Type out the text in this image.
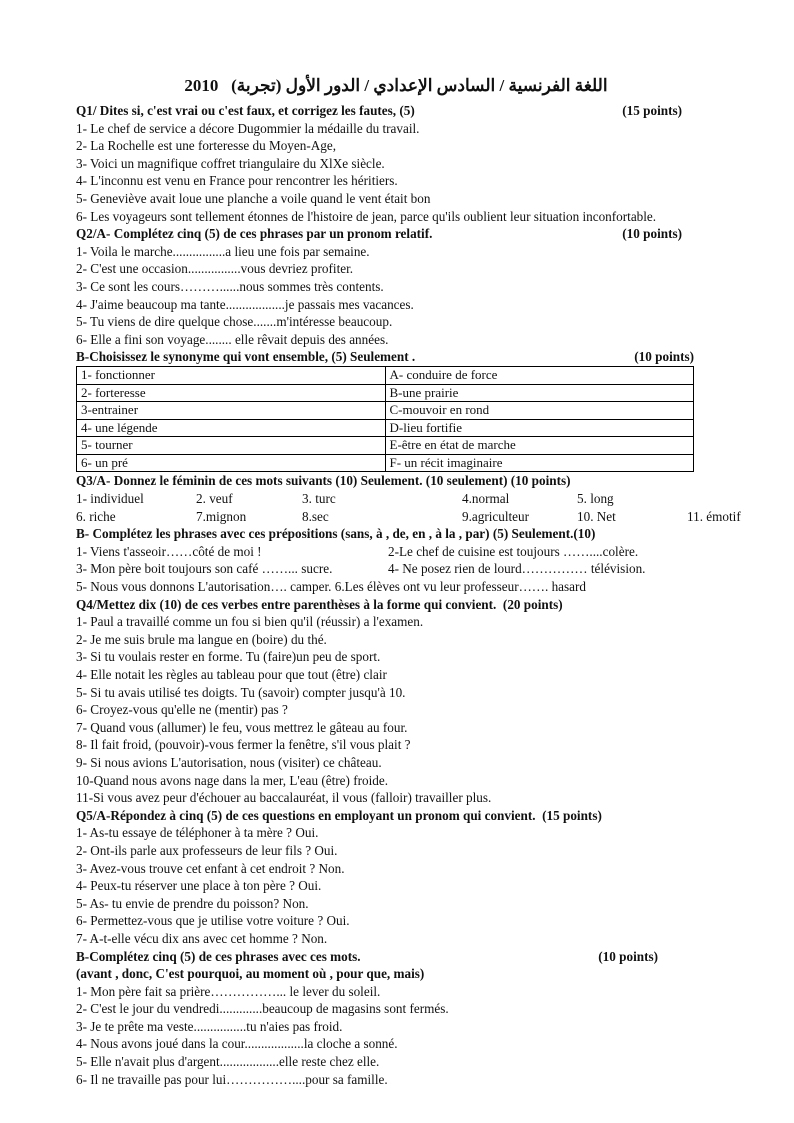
2010 اللغة الفرنسية / السادس الإعدادي / الدور الأول (تجربة)
Q1/ Dites si, c'est vrai ou c'est faux, et corrigez les fautes, (5)	(15 points)
1- Le chef de service a décore Dugommier la médaille du travail.
2- La Rochelle est une forteresse du Moyen-Age,
3- Voici un magnifique coffret triangulaire du XlXe siècle.
4- L'inconnu est venu en France pour rencontrer les héritiers.
5- Geneviève avait loue une planche a voile quand le vent était bon
6- Les voyageurs sont tellement étonnes de l'histoire de jean, parce qu'ils oublient leur situation inconfortable.
Q2/A- Complétez cinq (5) de ces phrases par un pronom relatif.	(10 points)
1- Voila le marche................a lieu une fois par semaine.
2- C'est une occasion................vous devriez profiter.
3- Ce sont les cours………......nous sommes très contents.
4- J'aime beaucoup ma tante..................je passais mes vacances.
5- Tu viens de dire quelque chose.......m'intéresse beaucoup.
6- Elle a fini son voyage........ elle rêvait depuis des années.
B-Choisissez le synonyme qui vont ensemble, (5) Seulement .	(10 points)
1- fonctionner	A- conduire de force
2- forteresse	B-une prairie
3-entrainer	C-mouvoir en rond
4- une légende	D-lieu fortifie
5- tourner	E-être en état de marche
6- un pré	F- un récit imaginaire
Q3/A- Donnez le féminin de ces mots suivants (10) Seulement. (10 seulement) (10 points)
1- individuel	2. veuf	3. turc	4.normal	5. long
6. riche	7.mignon	8.sec	9.agriculteur	10. Net	11. émotif
B- Complétez les phrases avec ces prépositions (sans, à , de, en , à la , par) (5) Seulement.(10)
1- Viens t'asseoir……côté de moi !	2-Le chef de cuisine est toujours ……....colère.
3- Mon père boit toujours son café ……... sucre.	4- Ne posez rien de lourd…………… télévision.
5- Nous vous donnons L'autorisation…. camper. 6.Les élèves ont vu leur professeur……. hasard
Q4/Mettez dix (10) de ces verbes entre parenthèses à la forme qui convient.
(20 points)
1- Paul a travaillé comme un fou si bien qu'il (réussir) a l'examen.
2- Je me suis brule ma langue en (boire) du thé.
3- Si tu voulais rester en forme. Tu (faire)un peu de sport.
4- Elle notait les règles au tableau pour que tout (être) clair
5- Si tu avais utilisé tes doigts. Tu (savoir) compter jusqu'à 10.
6- Croyez-vous qu'elle ne (mentir) pas ?
7- Quand vous (allumer) le feu, vous mettrez le gâteau au four.
8- Il fait froid, (pouvoir)-vous fermer la fenêtre, s'il vous plait ?
9- Si nous avions L'autorisation, nous (visiter) ce château.
10-Quand nous avons nage dans la mer, L'eau (être) froide.
11-Si vous avez peur d'échouer au baccalauréat, il vous (falloir) travailler plus.
Q5/A-Répondez à cinq (5) de ces questions en employant un pronom qui convient.
(15 points)
1- As-tu essaye de téléphoner à ta mère ? Oui.
2- Ont-ils parle aux professeurs de leur fils ? Oui.
3- Avez-vous trouve cet enfant à cet endroit ? Non.
4- Peux-tu réserver une place à ton père ? Oui.
5- As- tu envie de prendre du poisson? Non.
6- Permettez-vous que je utilise votre voiture ? Oui.
7- A-t-elle vécu dix ans avec cet homme ? Non.
B-Complétez cinq (5) de ces phrases avec ces mots.	(10 points)
(avant , donc, C'est pourquoi, au moment où , pour que, mais)
1- Mon père fait sa prière……………... le lever du soleil.
2- C'est le jour du vendredi.............beaucoup de magasins sont fermés.
3- Je te prête ma veste................tu n'aies pas froid.
4- Nous avons joué dans la cour..................la cloche a sonné.
5- Elle n'avait plus d'argent..................elle reste chez elle.
6- Il ne travaille pas pour lui……………....pour sa famille.
